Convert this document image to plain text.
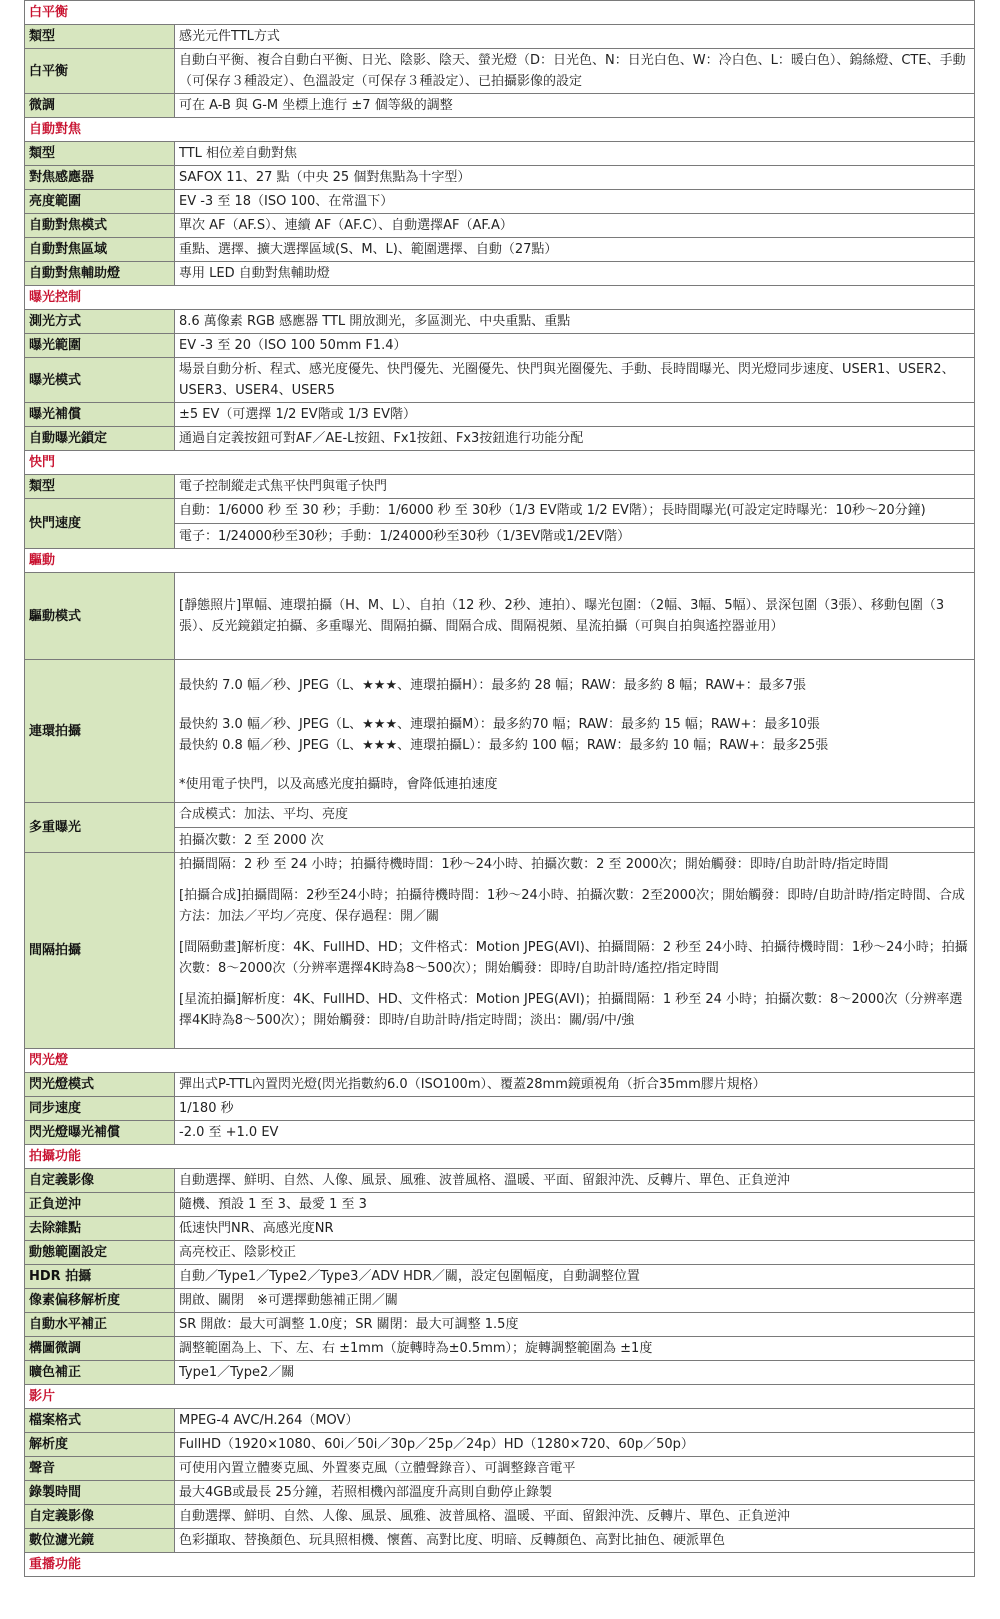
白平衡	
類型	感光元件TTL方式

白平衡	自動白平衡、複合自動白平衡、日光、陰影、陰天、螢光燈（D：日光色、N：日光白色、W：冷白色、L：暖白色）、鎢絲燈、CTE、手動（可保存３種設定）、色溫設定（可保存３種設定）、已拍攝影像的設定

微調	可在 A-B 與 G-M 坐標上進行 ±7 個等級的調整

自動對焦	
類型	TTL 相位差自動對焦

對焦感應器	SAFOX 11、27 點（中央 25 個對焦點為十字型）

亮度範圍	EV -3 至 18（ISO 100、在常溫下）

自動對焦模式	單次 AF（AF.S）、連續 AF（AF.C）、自動選擇AF（AF.A）

自動對焦區域	重點、選擇、擴大選擇區域(S、M、L)、範圍選擇、自動（27點）

自動對焦輔助燈	專用 LED 自動對焦輔助燈

曝光控制	
測光方式	8.6 萬像素 RGB 感應器 TTL 開放測光，多區測光、中央重點、重點

曝光範圍	EV -3 至 20（ISO 100 50mm F1.4）

曝光模式	場景自動分析、程式、感光度優先、快門優先、光圈優先、快門與光圈優先、手動、長時間曝光、閃光燈同步速度、USER1、USER2、USER3、USER4、USER5

曝光補償	±5 EV（可選擇 1/2 EV階或 1/3 EV階）

自動曝光鎖定	通過自定義按鈕可對AF／AE-L按鈕、Fx1按鈕、Fx3按鈕進行功能分配

快門	
類型	電子控制縱走式焦平快門與電子快門

快門速度	自動：1/6000 秒 至 30 秒；手動：1/6000 秒 至 30秒（1/3 EV階或 1/2 EV階）；長時間曝光(可設定定時曝光：10秒～20分鐘)
電子：1/24000秒至30秒；手動：1/24000秒至30秒（1/3EV階或1/2EV階）

驅動	
驅動模式	[靜態照片]單幅、連環拍攝（H、M、L）、自拍（12 秒、2秒、連拍）、曝光包圍：（2幅、3幅、5幅）、景深包圍（3張）、移動包圍（3張）、反光鏡鎖定拍攝、多重曝光、間隔拍攝、間隔合成、間隔視頻、星流拍攝（可與自拍與遙控器並用）

連環拍攝	最快約 7.0 幅／秒、JPEG（L、★★★、連環拍攝H）：最多約 28 幅；RAW：最多約 8 幅；RAW+：最多7張
最快約 3.0 幅／秒、JPEG（L、★★★、連環拍攝M）：最多約70 幅；RAW：最多約 15 幅；RAW+：最多10張
最快約 0.8 幅／秒、JPEG（L、★★★、連環拍攝L）：最多約 100 幅；RAW：最多約 10 幅；RAW+：最多25張
*使用電子快門，以及高感光度拍攝時，會降低連拍速度

多重曝光	合成模式：加法、平均、亮度
拍攝次數：2 至 2000 次

間隔拍攝	拍攝間隔：2 秒 至 24 小時；拍攝待機時間：1秒～24小時、拍攝次數：2 至 2000次；開始觸發：即時/自助計時/指定時間
[拍攝合成]拍攝間隔：2秒至24小時；拍攝待機時間：1秒～24小時、拍攝次數：2至2000次；開始觸發：即時/自助計時/指定時間、合成方法：加法／平均／亮度、保存過程：開／關
[間隔動畫]解析度：4K、FullHD、HD；文件格式：Motion JPEG(AVI)、拍攝間隔：2 秒至 24小時、拍攝待機時間：1秒～24小時；拍攝次數：8～2000次（分辨率選擇4K時為8～500次）；開始觸發：即時/自助計時/遙控/指定時間
[星流拍攝]解析度：4K、FullHD、HD、文件格式：Motion JPEG(AVI)；拍攝間隔：1 秒至 24 小時；拍攝次數：8～2000次（分辨率選擇4K時為8～500次）；開始觸發：即時/自助計時/指定時間；淡出：關/弱/中/強

閃光燈	
閃光燈模式	彈出式P-TTL內置閃光燈(閃光指數約6.0（ISO100m）、覆蓋28mm鏡頭視角（折合35mm膠片規格）

同步速度	1/180 秒

閃光燈曝光補償	-2.0 至 +1.0 EV

拍攝功能	
自定義影像	自動選擇、鮮明、自然、人像、風景、風雅、波普風格、溫暖、平面、留銀沖洗、反轉片、單色、正負逆沖

正負逆沖	隨機、預設 1 至 3、最愛 1 至 3

去除雜點	低速快門NR、高感光度NR

動態範圍設定	高亮校正、陰影校正

HDR 拍攝	自動／Type1／Type2／Type3／ADV HDR／關，設定包圍幅度，自動調整位置

像素偏移解析度	開啟、關閉　※可選擇動態補正開／關

自動水平補正	SR 開啟：最大可調整 1.0度；SR 關閉：最大可調整 1.5度

構圖微調	調整範圍為上、下、左、右 ±1mm（旋轉時為±0.5mm）；旋轉調整範圍為 ±1度

曠色補正	Type1／Type2／關

影片	
檔案格式	MPEG-4 AVC/H.264（MOV）

解析度	FullHD（1920×1080、60i／50i／30p／25p／24p）HD（1280×720、60p／50p）

聲音	可使用內置立體麥克風、外置麥克風（立體聲錄音）、可調整錄音電平

錄製時間	最大4GB或最長 25分鐘，若照相機內部溫度升高則自動停止錄製

自定義影像	自動選擇、鮮明、自然、人像、風景、風雅、波普風格、溫暖、平面、留銀沖洗、反轉片、單色、正負逆沖

數位濾光鏡	色彩擷取、替換顏色、玩具照相機、懷舊、高對比度、明暗、反轉顏色、高對比抽色、硬派單色

重播功能	
